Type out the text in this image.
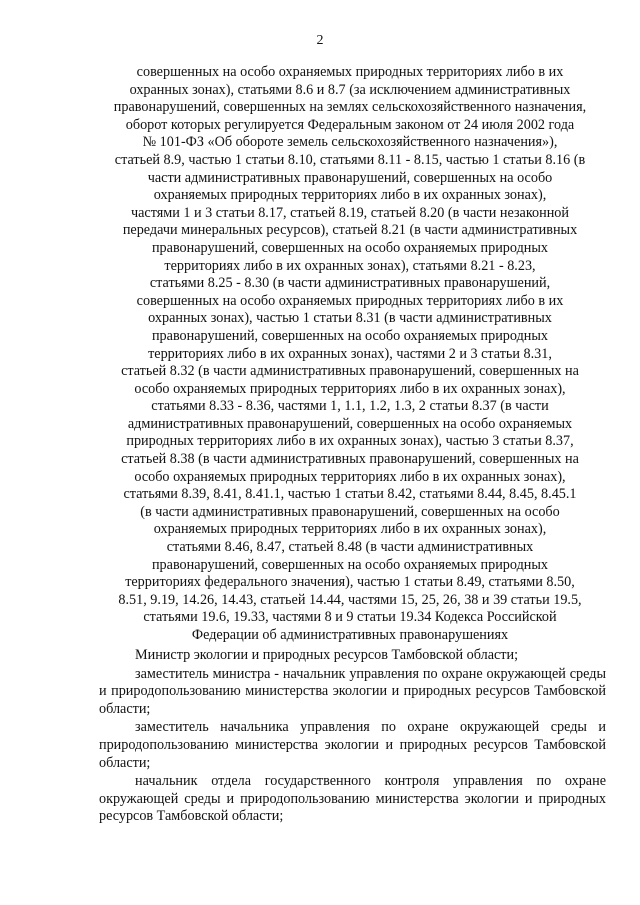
2
совершенных на особо охраняемых природных территориях либо в их
охранных зонах), статьями 8.6 и 8.7 (за исключением административных
правонарушений, совершенных на землях сельскохозяйственного назначения,
оборот которых регулируется Федеральным законом от 24 июля 2002 года
№ 101-ФЗ «Об обороте земель сельскохозяйственного назначения»),
статьей 8.9, частью 1 статьи 8.10, статьями 8.11 - 8.15, частью 1 статьи 8.16 (в
части административных правонарушений, совершенных на особо
охраняемых природных территориях либо в их охранных зонах),
частями 1 и 3 статьи 8.17, статьей 8.19, статьей 8.20 (в части незаконной
передачи минеральных ресурсов), статьей 8.21 (в части административных
правонарушений, совершенных на особо охраняемых природных
территориях либо в их охранных зонах), статьями 8.21 - 8.23,
статьями 8.25 - 8.30 (в части административных правонарушений,
совершенных на особо охраняемых природных территориях либо в их
охранных зонах), частью 1 статьи 8.31 (в части административных
правонарушений, совершенных на особо охраняемых природных
территориях либо в их охранных зонах), частями 2 и 3 статьи 8.31,
статьей 8.32 (в части административных правонарушений, совершенных на
особо охраняемых природных территориях либо в их охранных зонах),
статьями 8.33 - 8.36, частями 1, 1.1, 1.2, 1.3, 2 статьи 8.37 (в части
административных правонарушений, совершенных на особо охраняемых
природных территориях либо в их охранных зонах), частью 3 статьи 8.37,
статьей 8.38 (в части административных правонарушений, совершенных на
особо охраняемых природных территориях либо в их охранных зонах),
статьями 8.39, 8.41, 8.41.1, частью 1 статьи 8.42, статьями 8.44, 8.45, 8.45.1
(в части административных правонарушений, совершенных на особо
охраняемых природных территориях либо в их охранных зонах),
статьями 8.46, 8.47, статьей 8.48 (в части административных
правонарушений, совершенных на особо охраняемых природных
территориях федерального значения), частью 1 статьи 8.49, статьями 8.50,
8.51, 9.19, 14.26, 14.43, статьей 14.44, частями 15, 25, 26, 38 и 39 статьи 19.5,
статьями 19.6, 19.33, частями 8 и 9 статьи 19.34 Кодекса Российской
Федерации об административных правонарушениях

Министр экологии и природных ресурсов Тамбовской области;

заместитель министра - начальник управления по охране окружающей среды и природопользованию министерства экологии и природных ресурсов Тамбовской области;

заместитель начальника управления по охране окружающей среды и природопользованию министерства экологии и природных ресурсов Тамбовской области;

начальник отдела государственного контроля управления по охране окружающей среды и природопользованию министерства экологии и природных ресурсов Тамбовской области;
